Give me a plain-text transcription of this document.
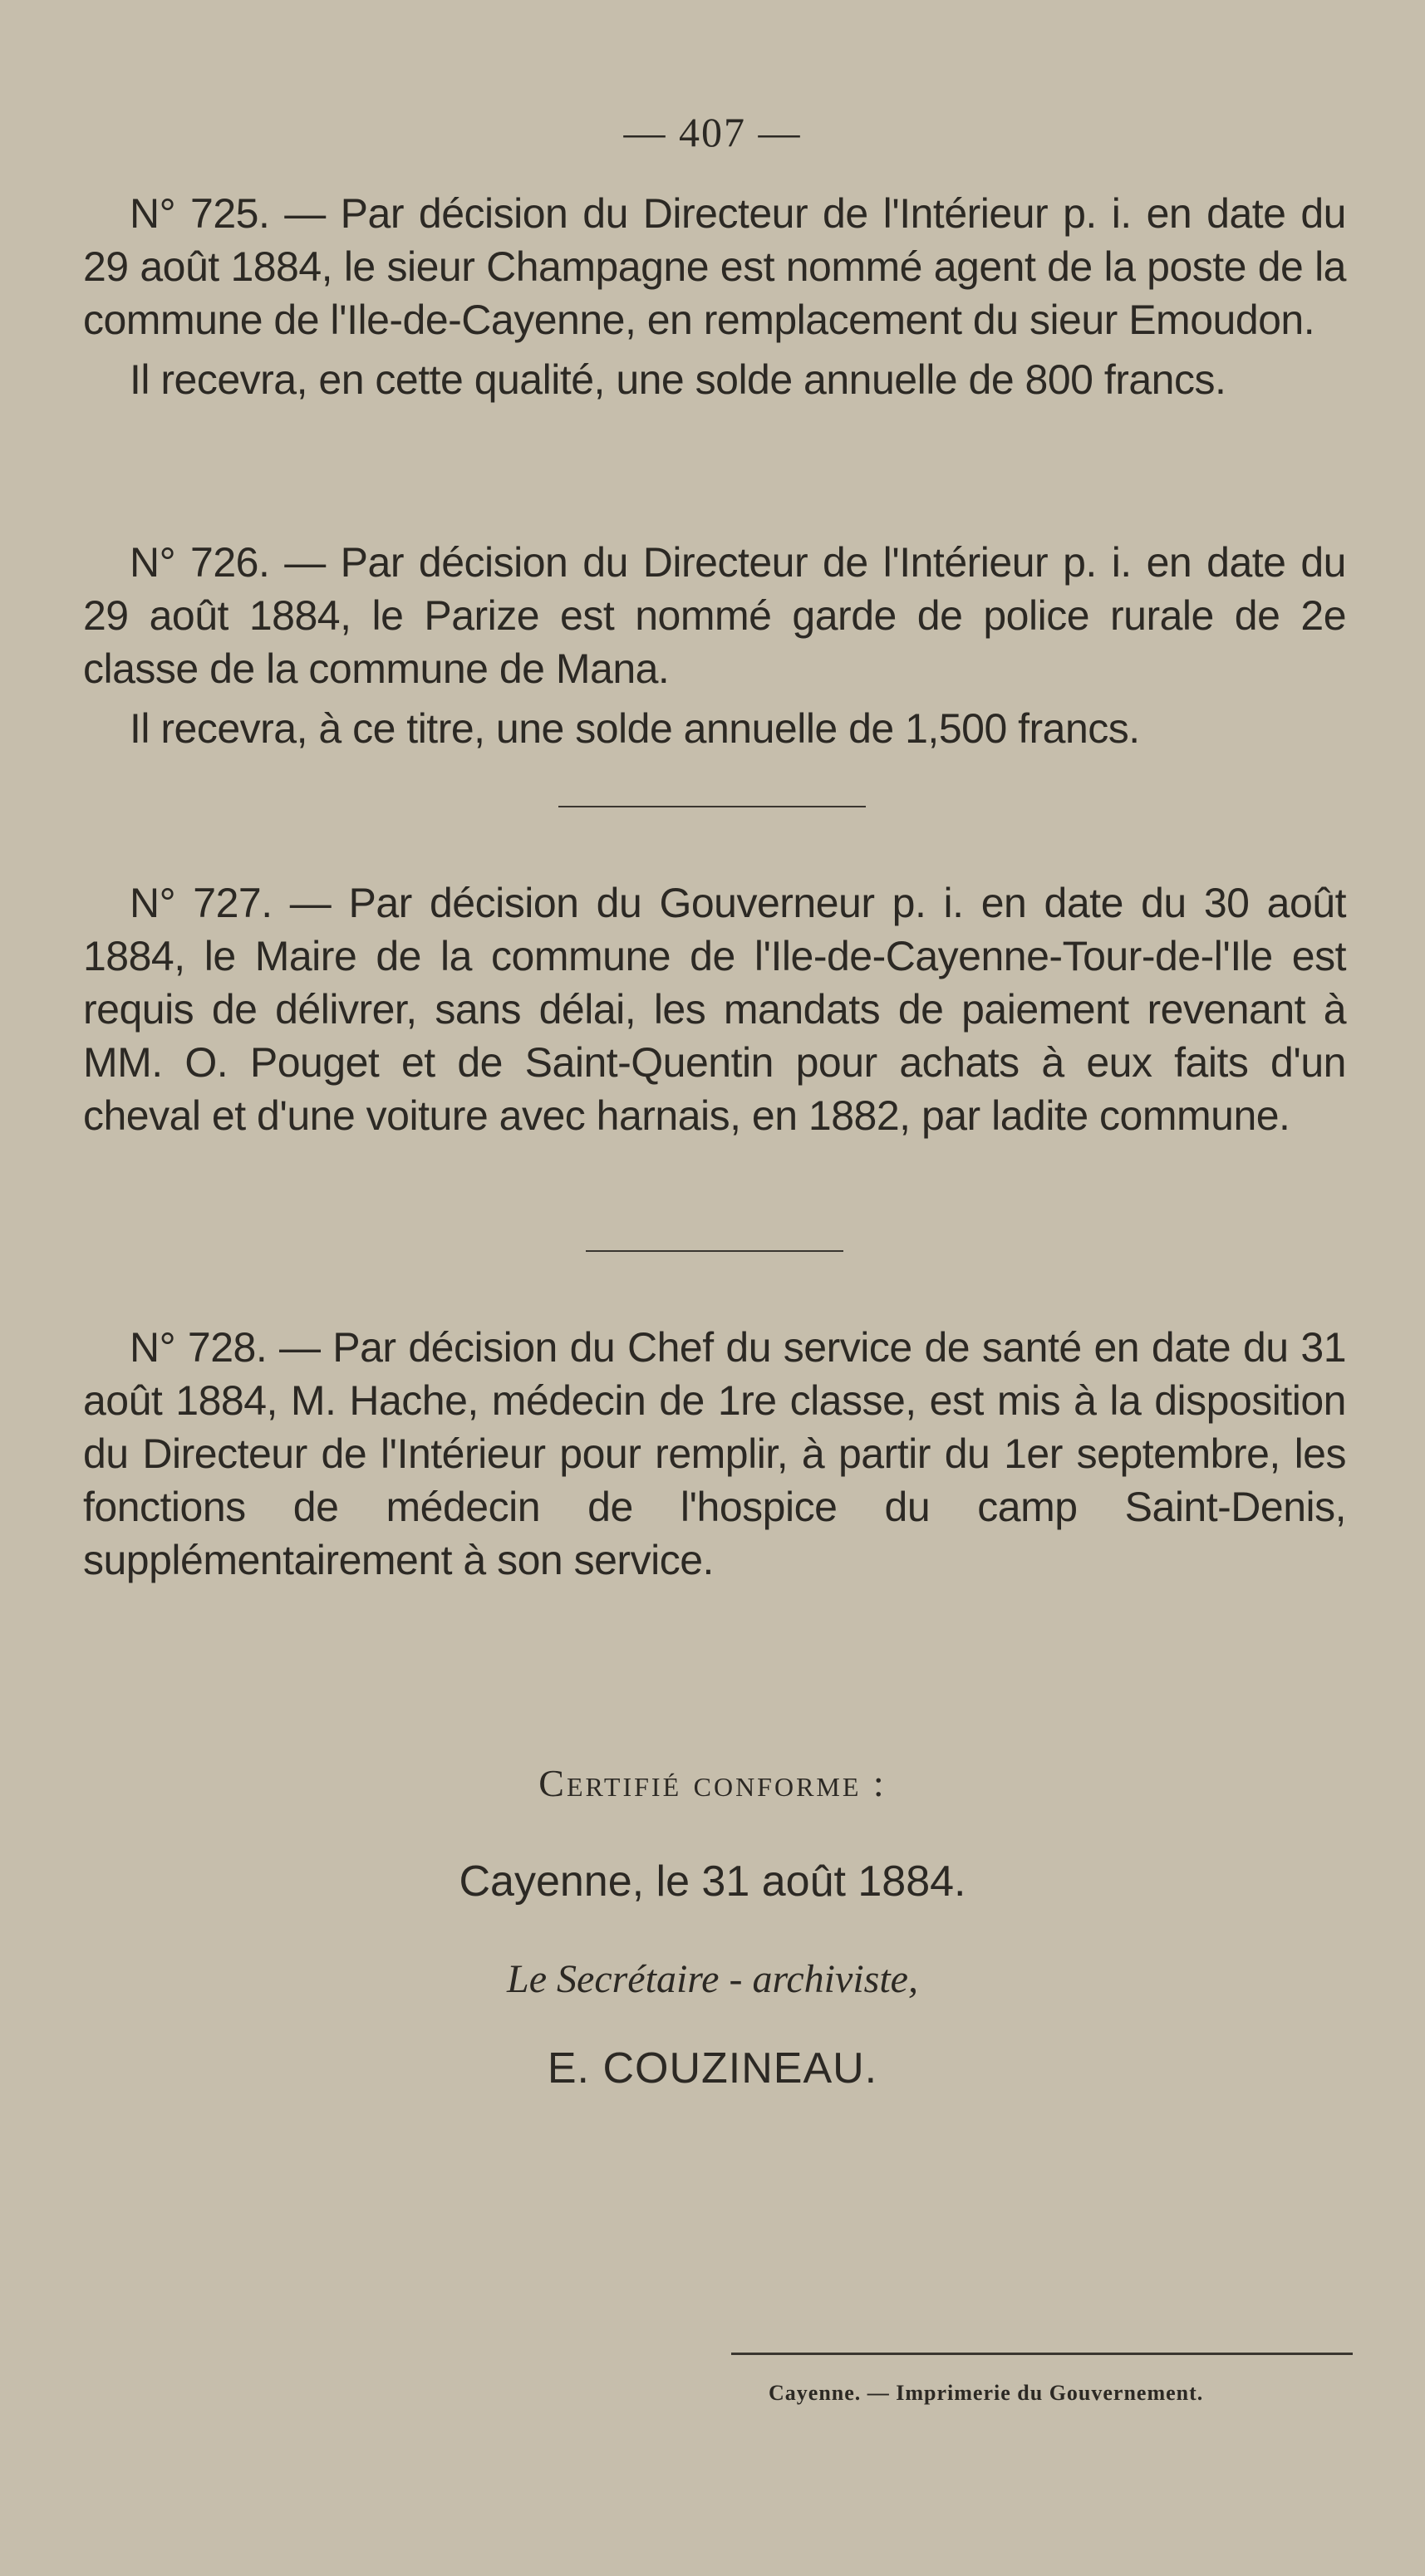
— 407 —

N° 725. — Par décision du Directeur de l'Intérieur p. i. en date du 29 août 1884, le sieur Champagne est nommé agent de la poste de la commune de l'Ile-de-Cayenne, en remplacement du sieur Emoudon.

Il recevra, en cette qualité, une solde annuelle de 800 francs.

N° 726. — Par décision du Directeur de l'Intérieur p. i. en date du 29 août 1884, le Parize est nommé garde de police rurale de 2e classe de la commune de Mana.

Il recevra, à ce titre, une solde annuelle de 1,500 francs.

N° 727. — Par décision du Gouverneur p. i. en date du 30 août 1884, le Maire de la commune de l'Ile-de-Cayenne-Tour-de-l'Ile est requis de délivrer, sans délai, les mandats de paiement revenant à MM. O. Pouget et de Saint-Quentin pour achats à eux faits d'un cheval et d'une voiture avec harnais, en 1882, par ladite commune.

N° 728. — Par décision du Chef du service de santé en date du 31 août 1884, M. Hache, médecin de 1re classe, est mis à la disposition du Directeur de l'Intérieur pour remplir, à partir du 1er septembre, les fonctions de médecin de l'hospice du camp Saint-Denis, supplémentairement à son service.

Certifié conforme :
Cayenne, le 31 août 1884.
Le Secrétaire - archiviste,
E. COUZINEAU.
Cayenne. — Imprimerie du Gouvernement.
